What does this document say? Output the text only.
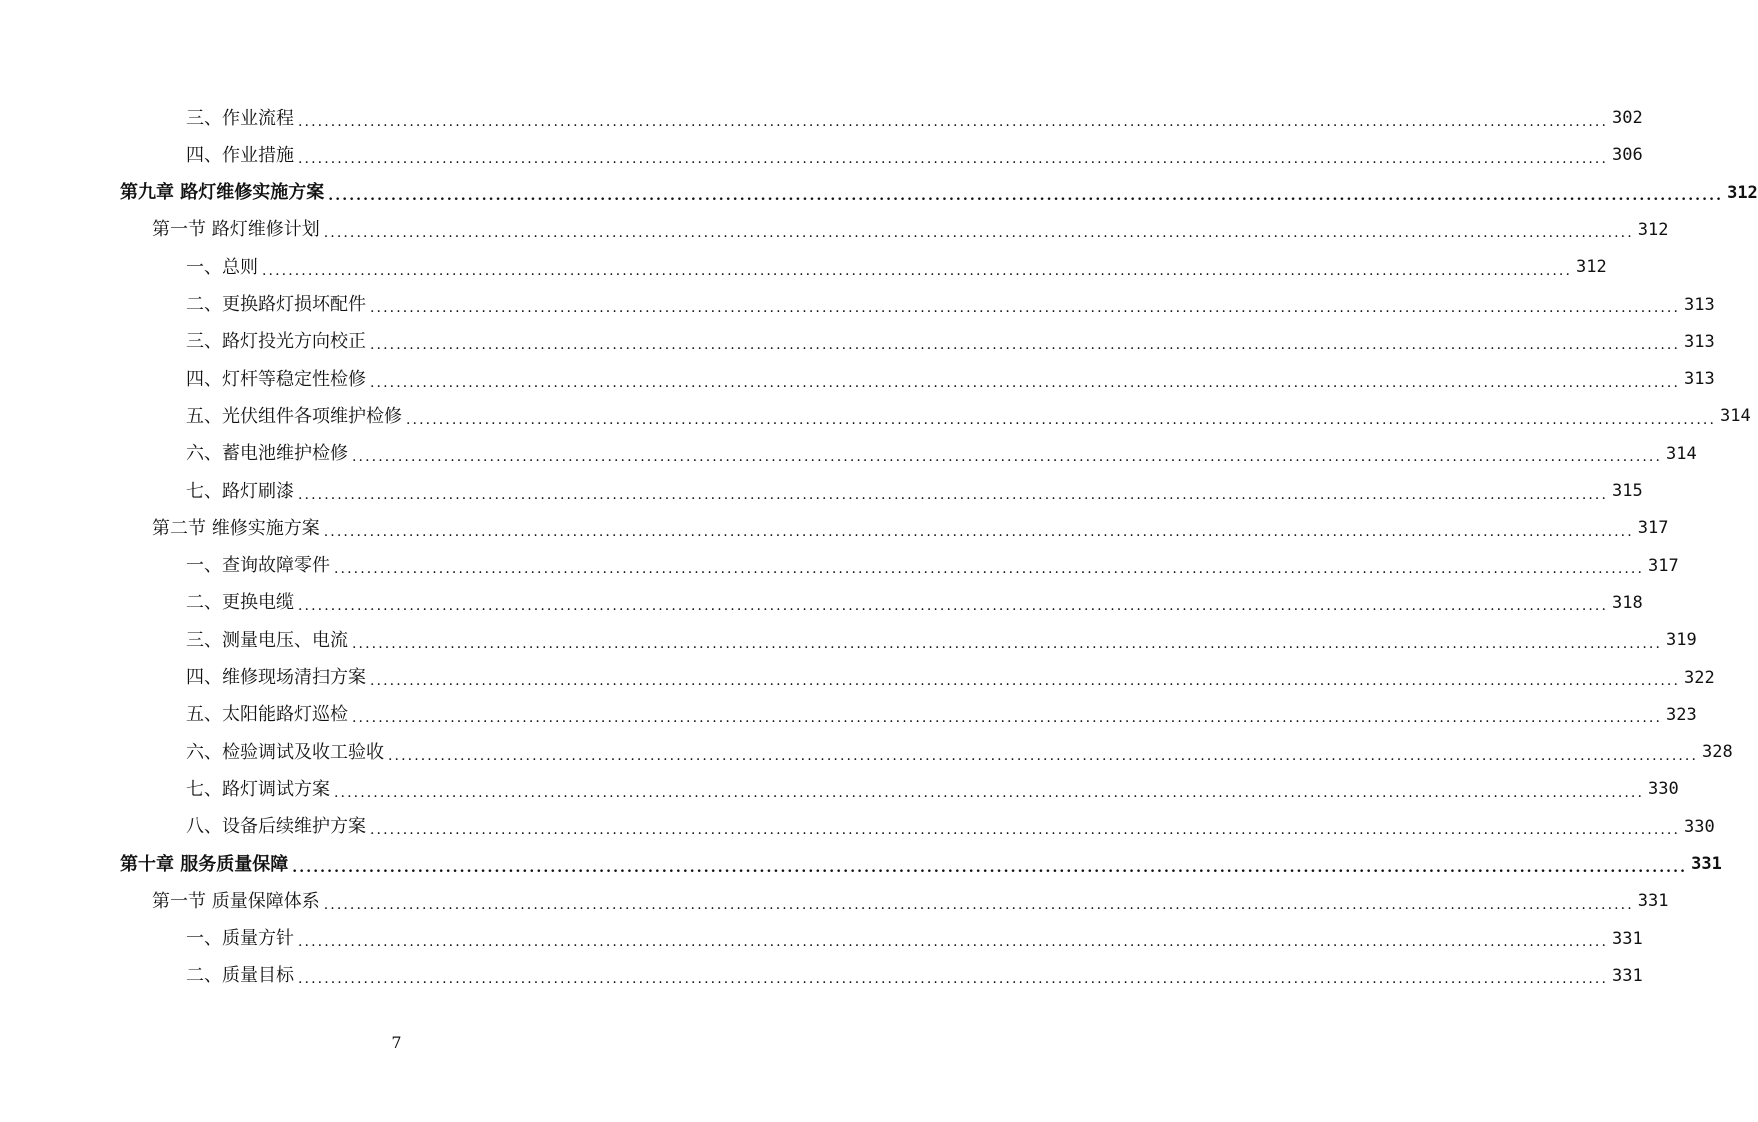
三、作业流程 ........................................................................................................................................................................................................ 302
四、作业措施 ........................................................................................................................................................................................................ 306
第九章 路灯维修实施方案 ........................................................................................................................................................................................................ 312
第一节 路灯维修计划 ........................................................................................................................................................................................................ 312
一、总则 ........................................................................................................................................................................................................ 312
二、更换路灯损坏配件 ........................................................................................................................................................................................................ 313
三、路灯投光方向校正 ........................................................................................................................................................................................................ 313
四、灯杆等稳定性检修 ........................................................................................................................................................................................................ 313
五、光伏组件各项维护检修 ........................................................................................................................................................................................................ 314
六、蓄电池维护检修 ........................................................................................................................................................................................................ 314
七、路灯刷漆 ........................................................................................................................................................................................................ 315
第二节 维修实施方案 ........................................................................................................................................................................................................ 317
一、查询故障零件 ........................................................................................................................................................................................................ 317
二、更换电缆 ........................................................................................................................................................................................................ 318
三、测量电压、电流 ........................................................................................................................................................................................................ 319
四、维修现场清扫方案 ........................................................................................................................................................................................................ 322
五、太阳能路灯巡检 ........................................................................................................................................................................................................ 323
六、检验调试及收工验收 ........................................................................................................................................................................................................ 328
七、路灯调试方案 ........................................................................................................................................................................................................ 330
八、设备后续维护方案 ........................................................................................................................................................................................................ 330
第十章 服务质量保障 ........................................................................................................................................................................................................ 331
第一节 质量保障体系 ........................................................................................................................................................................................................ 331
一、质量方针 ........................................................................................................................................................................................................ 331
二、质量目标 ........................................................................................................................................................................................................ 331
7
